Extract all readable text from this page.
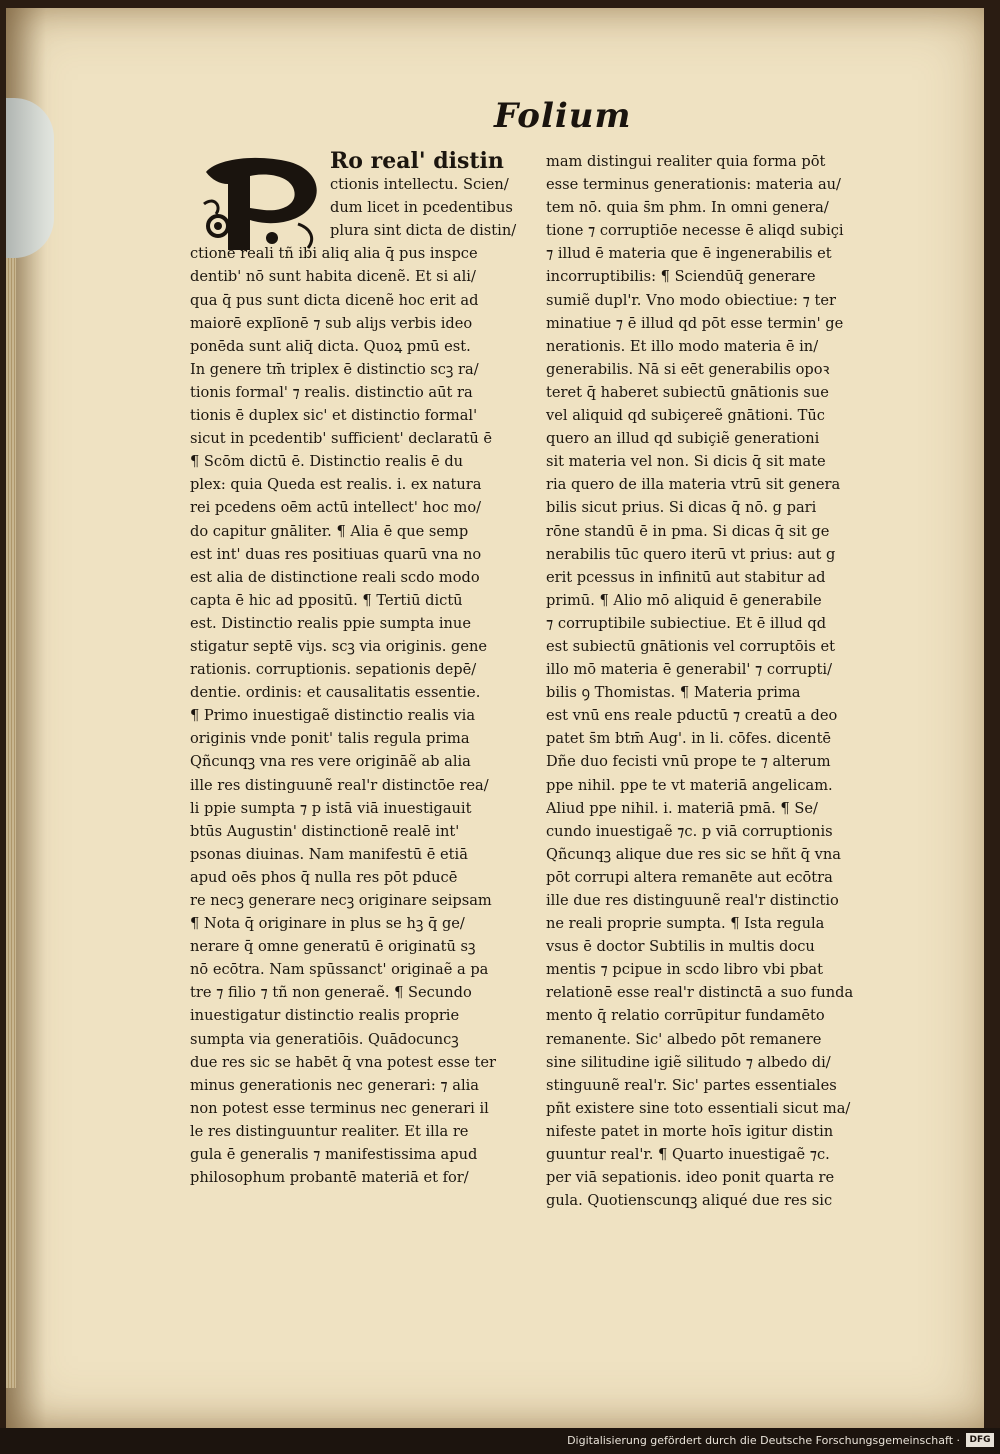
Folium
Ro real' distin
ctionis intellectu. Scien/
dum licet in pcedentibus
plura sint dicta de distin/
ctione reali tñ ibi aliq alia q̄ pus inspce
dentib' nō sunt habita dicenẽ. Et si ali/
qua q̄ pus sunt dicta dicenẽ hoc erit ad
maiorē explīonē ⁊ sub aliȷs verbis ideo
ponēda sunt aliq̄ dicta. Quoꝝ pmū est.
In genere tm̄ triplex ē distinctio scꝫ ra/
tionis formal' ⁊ realis. distinctio aūt ra
tionis ē duplex sic' et distinctio formal'
sicut in pcedentib' sufficient' declaratū ē
¶ Scōm dictū ē. Distinctio realis ē du
plex: quia Queda est realis. i. ex natura
rei pcedens oēm actū intellect' hoc mo/
do capitur gnāliter. ¶ Alia ē que semp
est int' duas res positiuas quarū vna no
est alia de distinctione reali scdo modo
capta ē hic ad ppositū. ¶ Tertiū dictū
est. Distinctio realis ppie sumpta inue
stigatur septē viȷs. scꝫ via originis. gene
rationis. corruptionis. sepationis depē/
dentie. ordinis: et causalitatis essentie.
¶ Primo inuestigaẽ distinctio realis via
originis vnde ponit' talis regula prima
Qñcunqꝫ vna res vere origināẽ ab alia
ille res distinguunẽ real'r distinctōe rea/
li ppie sumpta ⁊ p istā viā inuestigauit
btūs Augustin' distinctionē realē int'
psonas diuinas. Nam manifestū ē etiā
apud oēs phos q̄ nulla res pōt pducē
re necꝫ generare necꝫ originare seipsam
¶ Nota q̄ originare in plus se hꝫ q̄ ge/
nerare q̄ omne generatū ē originatū sꝫ
nō ecōtra. Nam spūssanct' originaẽ a pa
tre ⁊ filio ⁊ tñ non generaẽ. ¶ Secundo
inuestigatur distinctio realis proprie
sumpta via generatiōis. Quādocuncꝫ
due res sic se habēt q̄ vna potest esse ter
minus generationis nec generari: ⁊ alia
non potest esse terminus nec generari il
le res distinguuntur realiter. Et illa re
gula ē generalis ⁊ manifestissima apud
philosophum probantē materiā et for/
mam distingui realiter quia forma pōt
esse terminus generationis: materia au/
tem nō. quia s̄m phm. In omni genera/
tione ⁊ corruptiōe necesse ē aliqd subiçi
⁊ illud ē materia que ē ingenerabilis et
incorruptibilis: ¶ Sciendūq̄ generare
sumiẽ dupl'r. Vno modo obiectiue: ⁊ ter
minatiue ⁊ ē illud qd pōt esse termin' ge
nerationis. Et illo modo materia ē in/
generabilis. Nā si eēt generabilis opoꝛ
teret q̄ haberet subiectū gnātionis sue
vel aliquid qd subiçereẽ gnātioni. Tūc
quero an illud qd subiçiẽ generationi
sit materia vel non. Si dicis q̄ sit mate
ria quero de illa materia vtrū sit genera
bilis sicut prius. Si dicas q̄ nō. g pari
rōne standū ē in pma. Si dicas q̄ sit ge
nerabilis tūc quero iterū vt prius: aut g
erit pcessus in infinitū aut stabitur ad
primū. ¶ Alio mō aliquid ē generabile
⁊ corruptibile subiectiue. Et ē illud qd
est subiectū gnātionis vel corruptōis et
illo mō materia ē generabil' ⁊ corrupti/
bilis ꝯ Thomistas. ¶ Materia prima
est vnū ens reale pductū ⁊ creatū a deo
patet s̄m btm̄ Aug'. in li. cōfes. dicentē
Dñe duo fecisti vnū prope te ⁊ alterum
ppe nihil. ppe te vt materiā angelicam.
Aliud ppe nihil. i. materiā pmā. ¶ Se/
cundo inuestigaẽ ⁊c. p viā corruptionis
Qñcunqꝫ alique due res sic se hñt q̄ vna
pōt corrupi altera remanēte aut ecōtra
ille due res distinguunẽ real'r distinctio
ne reali proprie sumpta. ¶ Ista regula
vsus ē doctor Subtilis in multis docu
mentis ⁊ pcipue in scdo libro vbi pbat
relationē esse real'r distinctā a suo funda
mento q̄ relatio corrūpitur fundamēto
remanente. Sic' albedo pōt remanere
sine silitudine igiẽ silitudo ⁊ albedo di/
stinguunẽ real'r. Sic' partes essentiales
pñt existere sine toto essentiali sicut ma/
nifeste patet in morte hoīs igitur distin
guuntur real'r. ¶ Quarto inuestigaẽ ⁊c.
per viā sepationis. ideo ponit quarta re
gula. Quotienscunqꝫ aliqué due res sic
Digitalisierung gefördert durch die Deutsche Forschungsgemeinschaft ·	DFG
